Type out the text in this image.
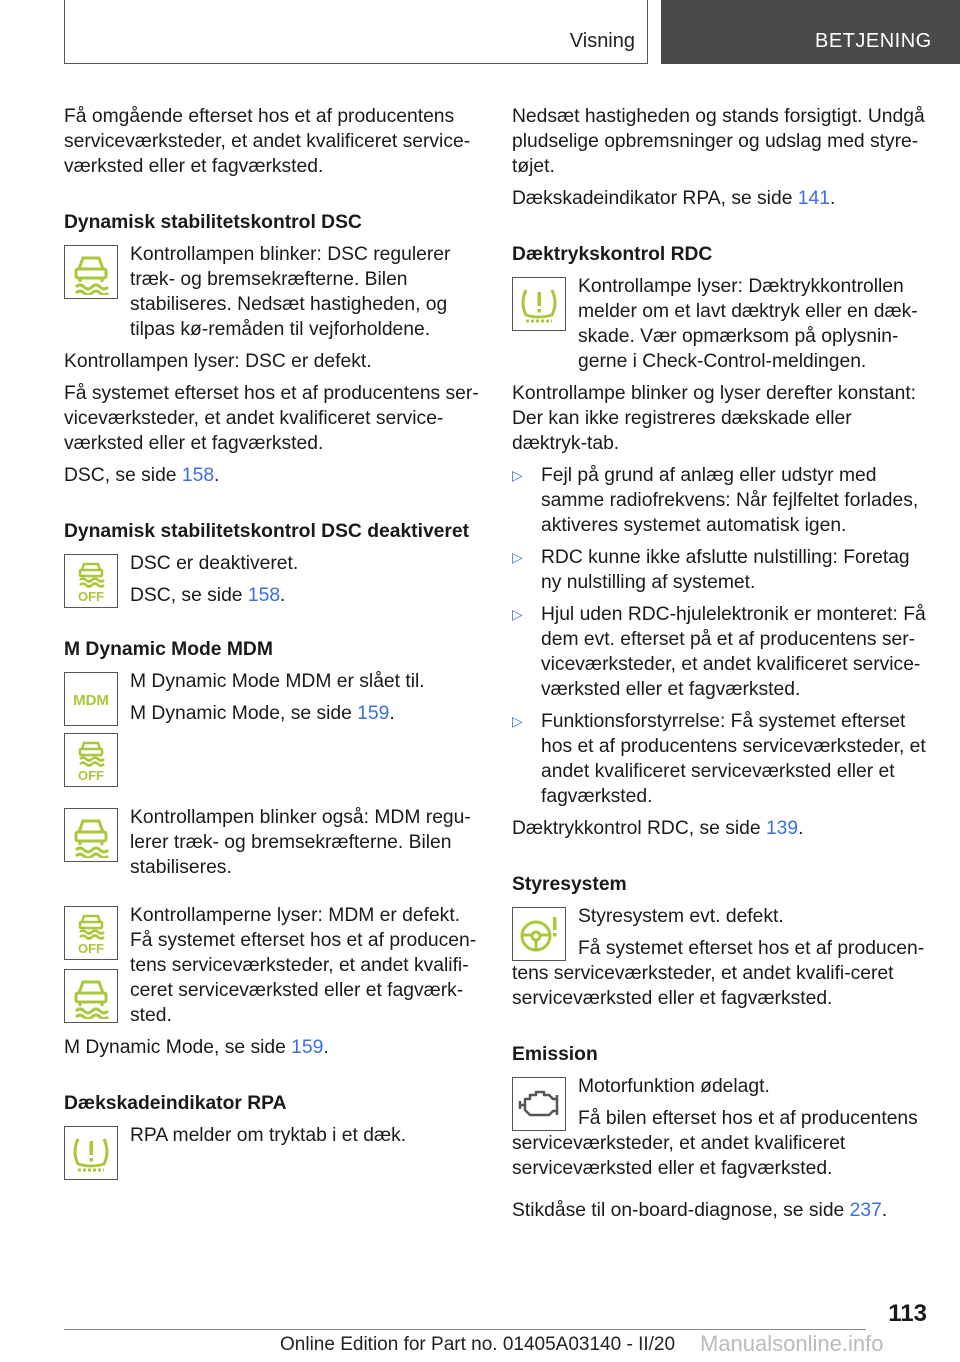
Visning	BETJENING

Få omgående efterset hos et af producentens serviceværksteder, et andet kvalificeret service-værksted eller et fagværksted.

Dynamisk stabilitetskontrol DSC

Kontrollampen blinker: DSC regulerer træk- og bremsekræfterne. Bilen stabiliseres. Nedsæt hastigheden, og tilpas kø-remåden til vejforholdene.

Kontrollampen lyser: DSC er defekt.

Få systemet efterset hos et af producentens ser-viceværksteder, et andet kvalificeret service-værksted eller et fagværksted.

DSC, se side 158.

Dynamisk stabilitetskontrol DSC deaktiveret
OFF

DSC er deaktiveret.

DSC, se side 158.

M Dynamic Mode MDM
MDM

M Dynamic Mode MDM er slået til.

M Dynamic Mode, se side 159.

OFF

Kontrollampen blinker også: MDM regu-lerer træk- og bremsekræfterne. Bilen stabiliseres.

OFF

Kontrollamperne lyser: MDM er defekt. Få systemet efterset hos et af producen-tens serviceværksteder, et andet kvalifi-ceret serviceværksted eller et fagværk-sted.

M Dynamic Mode, se side 159.

Dækskadeindikator RPA

RPA melder om tryktab i et dæk.

Nedsæt hastigheden og stands forsigtigt. Undgå pludselige opbremsninger og udslag med styre-tøjet.

Dækskadeindikator RPA, se side 141.

Dæktrykskontrol RDC

Kontrollampe lyser: Dæktrykkontrollen melder om et lavt dæktryk eller en dæk-skade. Vær opmærksom på oplysnin-gerne i Check-Control-meldingen.

Kontrollampe blinker og lyser derefter konstant: Der kan ikke registreres dækskade eller dæktryk-tab.

▷ Fejl på grund af anlæg eller udstyr med samme radiofrekvens: Når fejlfeltet forlades, aktiveres systemet automatisk igen.
▷ RDC kunne ikke afslutte nulstilling: Foretag ny nulstilling af systemet.
▷ Hjul uden RDC-hjulelektronik er monteret: Få dem evt. efterset på et af producentens ser-viceværksteder, et andet kvalificeret service-værksted eller et fagværksted.
▷ Funktionsforstyrrelse: Få systemet efterset hos et af producentens serviceværksteder, et andet kvalificeret serviceværksted eller et fagværksted.

Dæktrykkontrol RDC, se side 139.

Styresystem

Styresystem evt. defekt.

Få systemet efterset hos et af producen-tens serviceværksteder, et andet kvalifi-ceret serviceværksted eller et fagværksted.

Emission

Motorfunktion ødelagt.

Få bilen efterset hos et af producentens serviceværksteder, et andet kvalificeret serviceværksted eller et fagværksted.

Stikdåse til on-board-diagnose, se side 237.

113
Online Edition for Part no. 01405A03140 - II/20 Manualsonline.info
